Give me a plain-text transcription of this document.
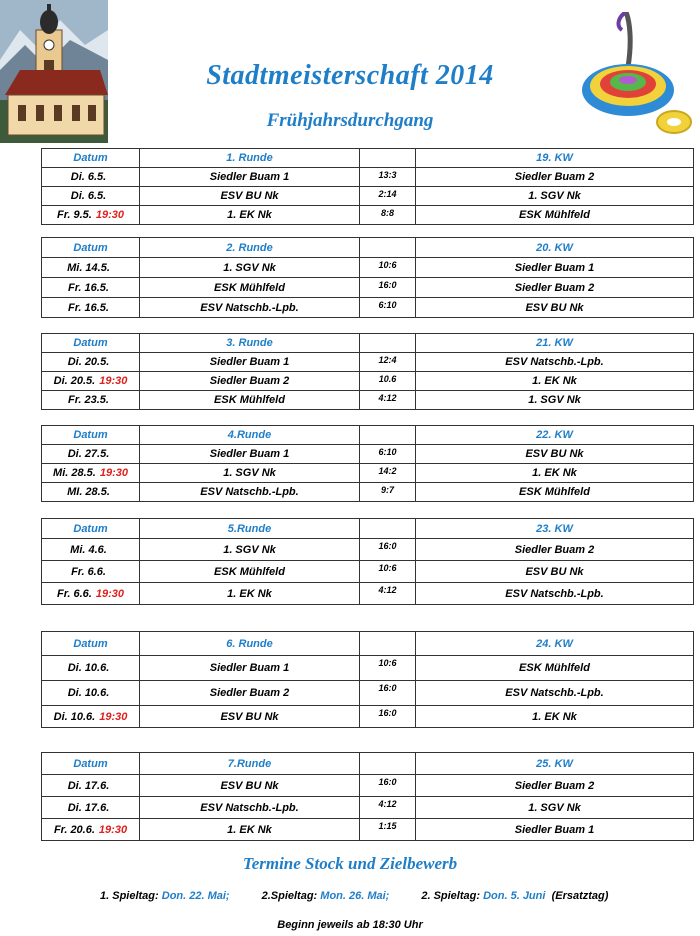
Stadtmeisterschaft 2014
Frühjahrsdurchgang
Datum	1. Runde		19. KW
Di. 6.5.	Siedler Buam 1	13:3	Siedler Buam 2
Di. 6.5.	ESV BU Nk	2:14	1. SGV Nk
Fr. 9.5. 19:30	1. EK Nk	8:8	ESK Mühlfeld
Datum	2. Runde		20. KW
Mi. 14.5.	1. SGV Nk	10:6	Siedler Buam 1
Fr. 16.5.	ESK Mühlfeld	16:0	Siedler Buam 2
Fr. 16.5.	ESV Natschb.-Lpb.	6:10	ESV BU Nk
Datum	3. Runde		21. KW
Di. 20.5.	Siedler Buam 1	12:4	ESV Natschb.-Lpb.
Di. 20.5. 19:30	Siedler Buam 2	10.6	1. EK Nk
Fr. 23.5.	ESK Mühlfeld	4:12	1. SGV Nk
Datum	4.Runde		22. KW
Di. 27.5.	Siedler Buam 1	6:10	ESV BU Nk
Mi. 28.5. 19:30	1. SGV Nk	14:2	1. EK Nk
MI. 28.5.	ESV Natschb.-Lpb.	9:7	ESK Mühlfeld
Datum	5.Runde		23. KW
Mi. 4.6.	1. SGV Nk	16:0	Siedler Buam 2
Fr. 6.6.	ESK Mühlfeld	10:6	ESV BU Nk
Fr. 6.6. 19:30	1. EK Nk	4:12	ESV Natschb.-Lpb.
Datum	6. Runde		24. KW
Di. 10.6.	Siedler Buam 1	10:6	ESK Mühlfeld
Di. 10.6.	Siedler Buam 2	16:0	ESV Natschb.-Lpb.
Di. 10.6. 19:30	ESV BU Nk	16:0	1. EK Nk
Datum	7.Runde		25. KW
Di. 17.6.	ESV BU Nk	16:0	Siedler Buam 2
Di. 17.6.	ESV Natschb.-Lpb.	4:12	1. SGV Nk
Fr. 20.6. 19:30	1. EK Nk	1:15	Siedler Buam 1
Termine Stock und Zielbewerb
1. Spieltag: Don. 22. Mai;	2.Spieltag: Mon. 26. Mai;	2. Spieltag: Don. 5. Juni (Ersatztag)
Beginn jeweils ab 18:30 Uhr
